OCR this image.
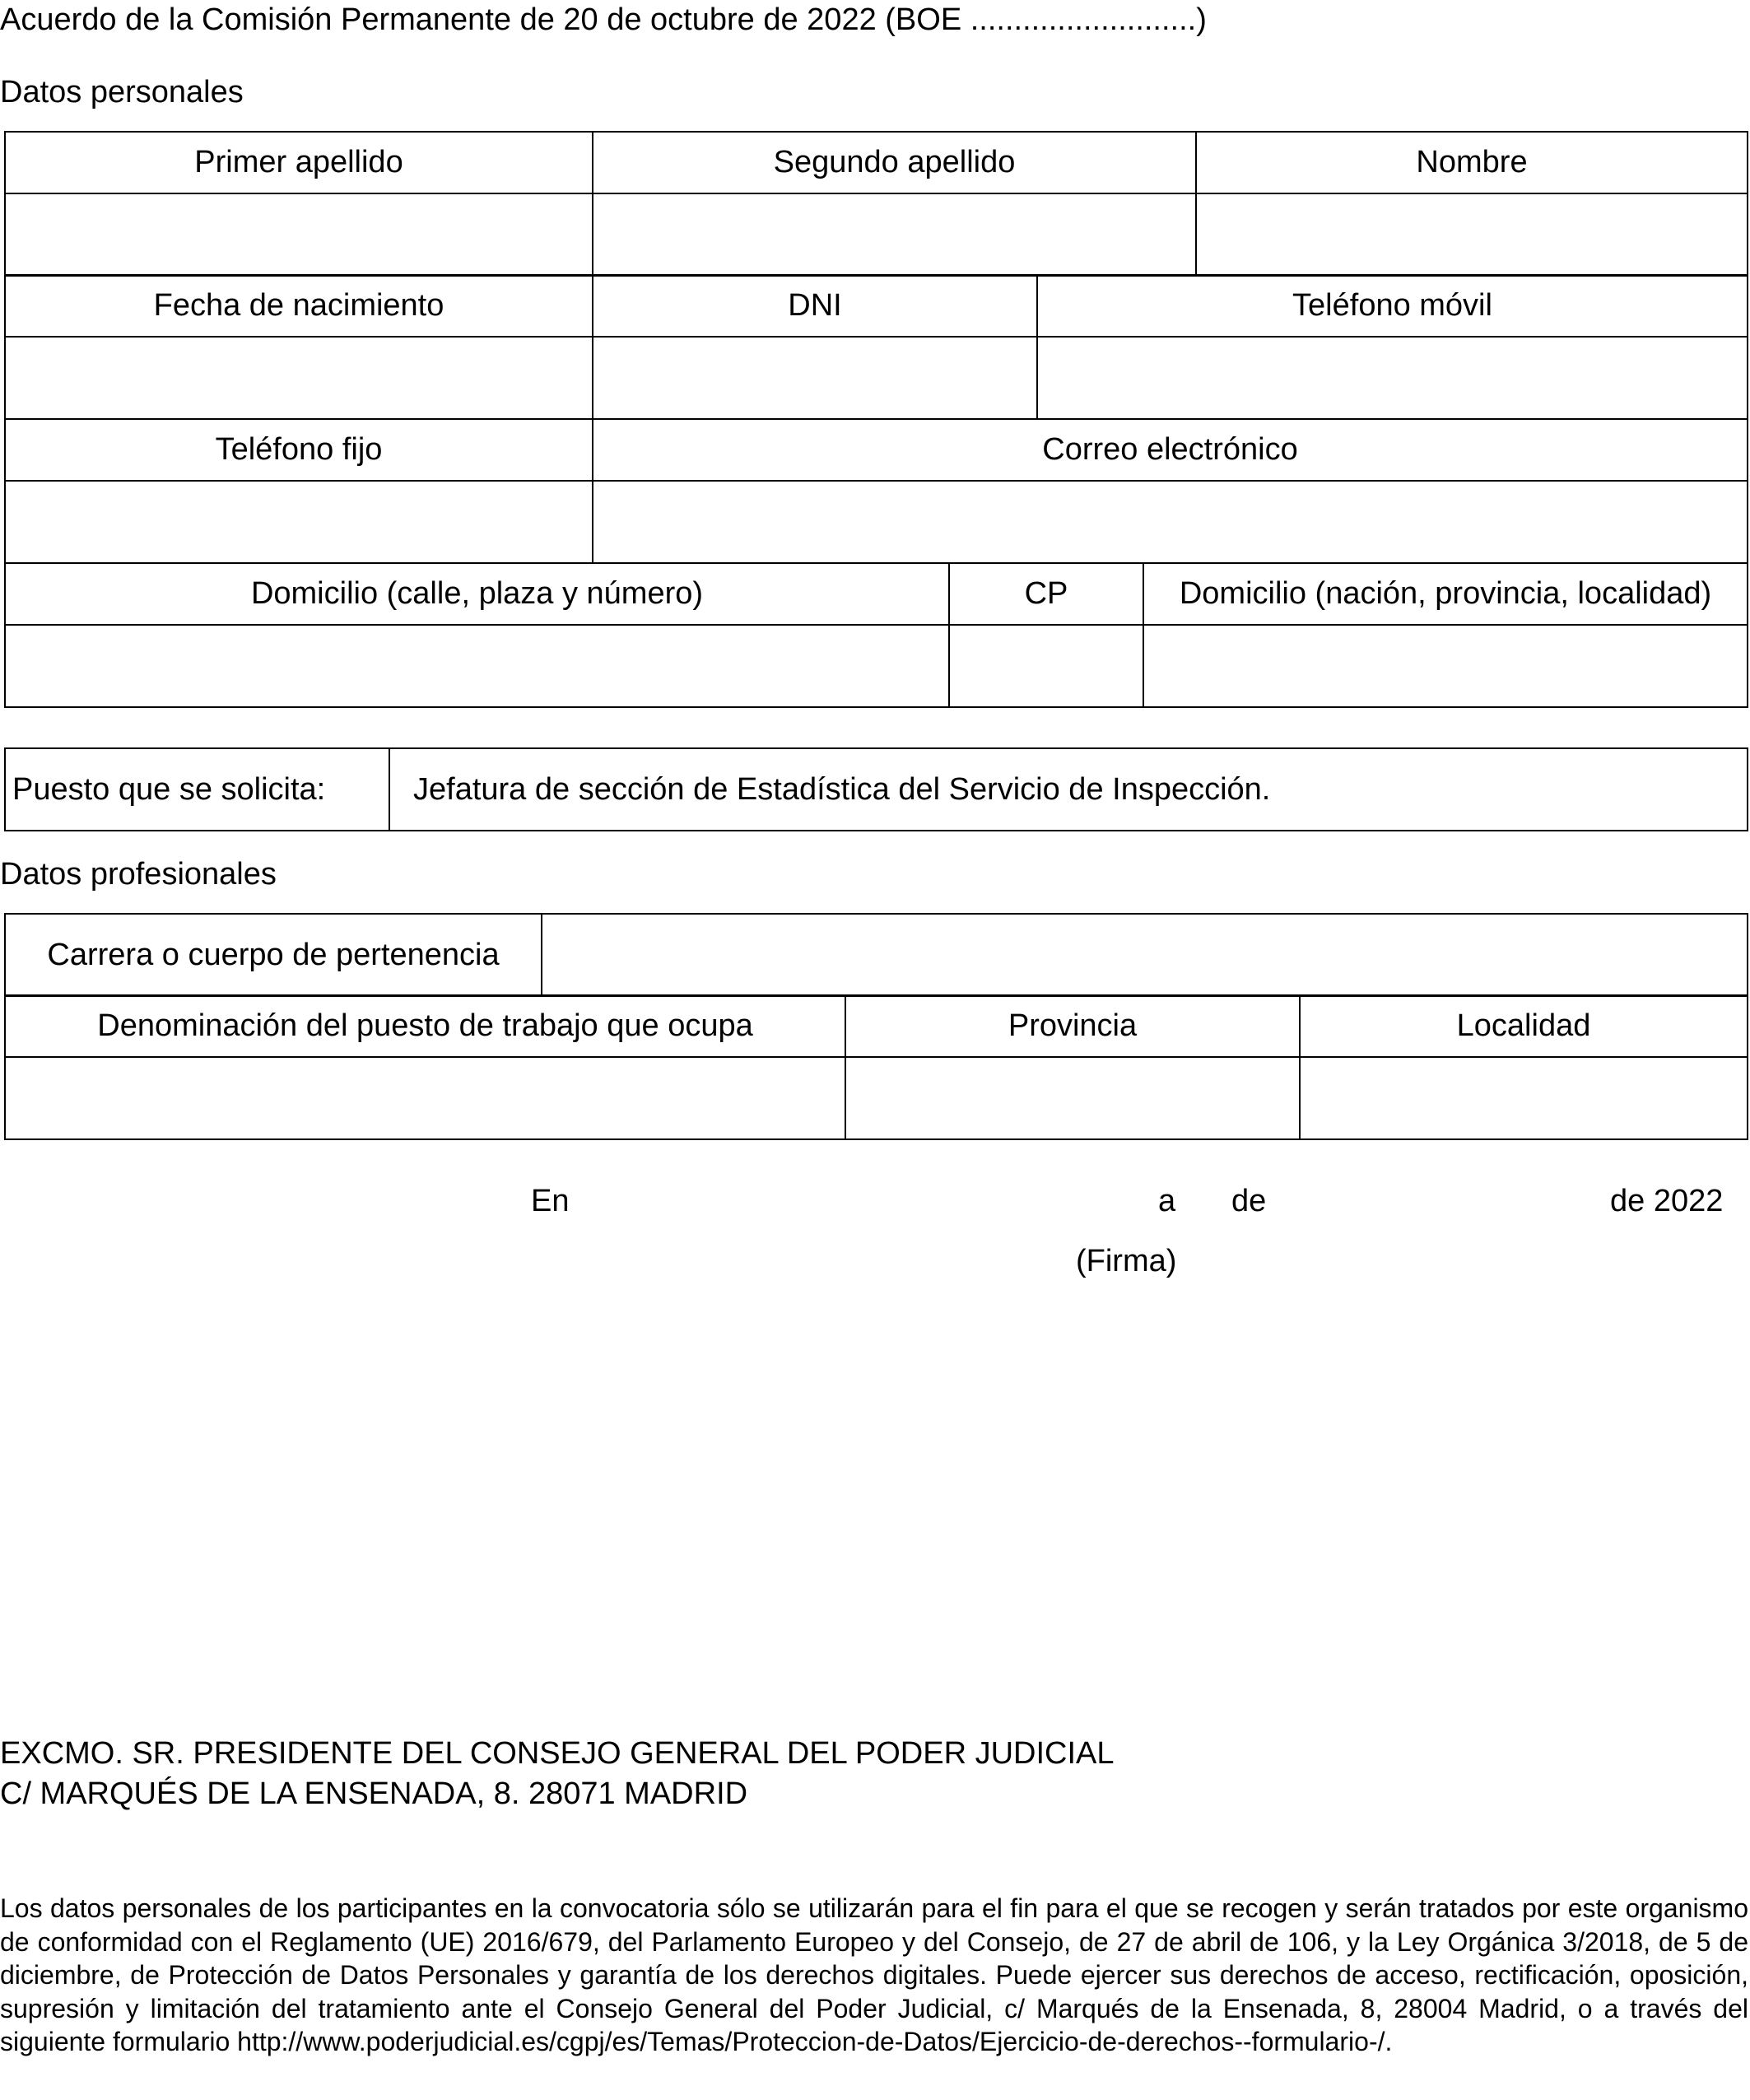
Acuerdo de la Comisión Permanente de 20 de octubre de 2022 (BOE ..........................)
Datos personales
Primer apellido	Segundo apellido	Nombre

Fecha de nacimiento	DNI	Teléfono móvil

Teléfono fijo	Correo electrónico

Domicilio (calle, plaza y número)	CP	Domicilio (nación, provincia, localidad)

Puesto que se solicita:	Jefatura de sección de Estadística del Servicio de Inspección.
Datos profesionales
Carrera o cuerpo de pertenencia	
Denominación del puesto de trabajo que ocupa	Provincia	Localidad

En	a de	de 2022
(Firma)
EXCMO. SR. PRESIDENTE DEL CONSEJO GENERAL DEL PODER JUDICIAL
C/ MARQUÉS DE LA ENSENADA, 8. 28071 MADRID
Los datos personales de los participantes en la convocatoria sólo se utilizarán para el fin para el que se recogen y serán tratados por este organismo de conformidad con el Reglamento (UE) 2016/679, del Parlamento Europeo y del Consejo, de 27 de abril de 106, y la Ley Orgánica 3/2018, de 5 de diciembre, de Protección de Datos Personales y garantía de los derechos digitales. Puede ejercer sus derechos de acceso, rectificación, oposición, supresión y limitación del tratamiento ante el Consejo General del Poder Judicial, c/ Marqués de la Ensenada, 8, 28004 Madrid, o a través del siguiente formulario http://www.poderjudicial.es/cgpj/es/Temas/Proteccion-de-Datos/Ejercicio-de-derechos--formulario-/.
